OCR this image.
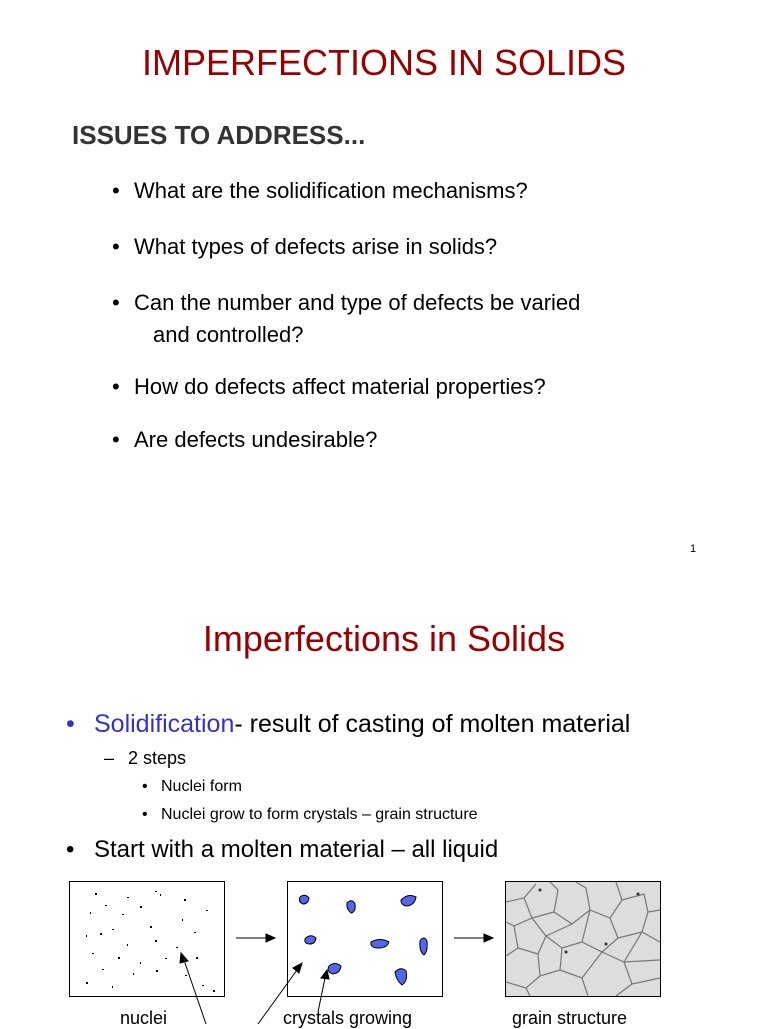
IMPERFECTIONS IN SOLIDS
ISSUES TO ADDRESS...
• What are the solidification mechanisms?
• What types of defects arise in solids?
• Can the number and type of defects be varied
and controlled?
• How do defects affect material properties?
• Are defects undesirable?
1
Imperfections in Solids
• Solidification- result of casting of molten material
– 2 steps
• Nuclei form
• Nuclei grow to form crystals – grain structure
• Start with a molten material – all liquid
nuclei	crystals growing	grain structure
